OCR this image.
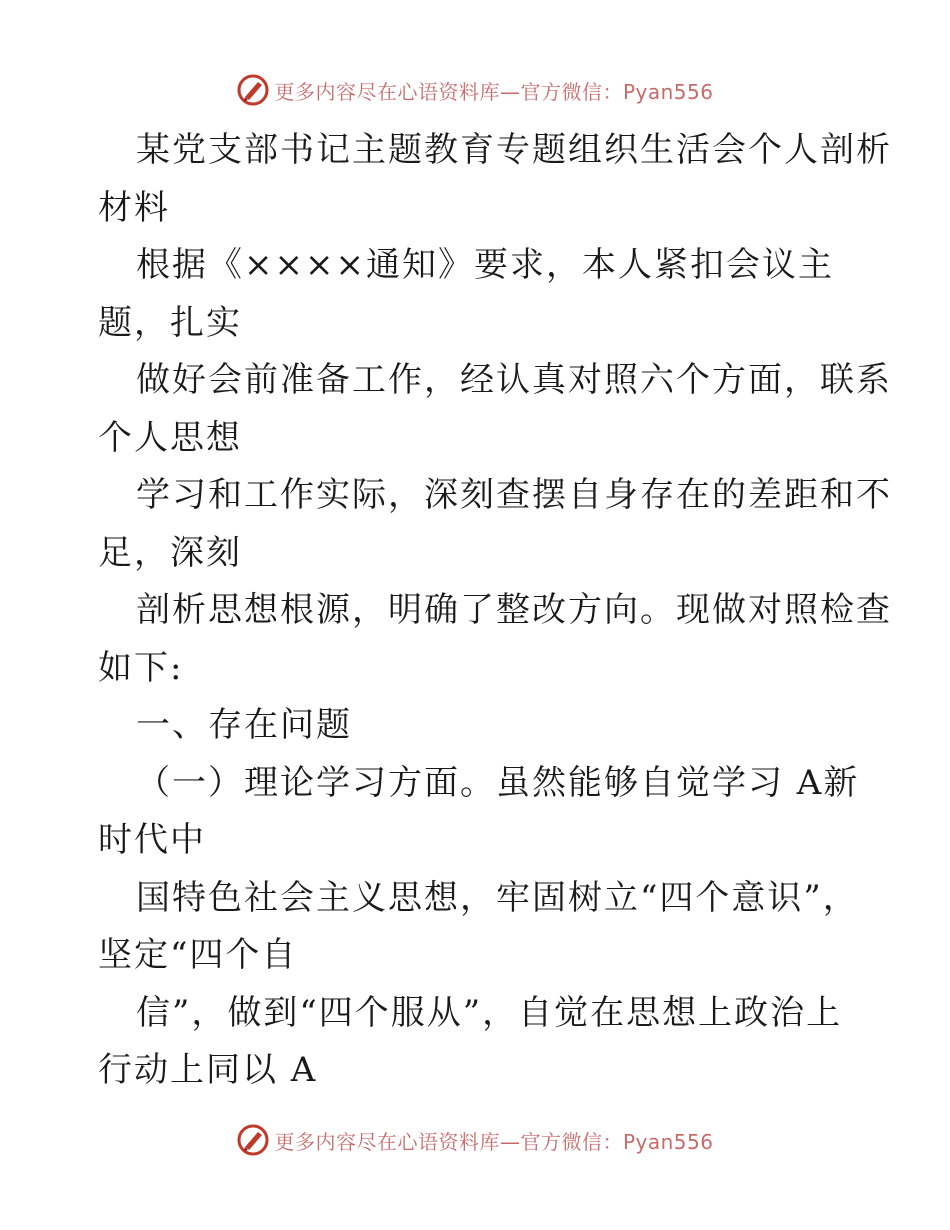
更多内容尽在心语资料库—官方微信：Pyan556
某党支部书记主题教育专题组织生活会个人剖析
材料
根据《××××通知》要求，本人紧扣会议主
题，扎实
做好会前准备工作，经认真对照六个方面，联系
个人思想
学习和工作实际，深刻查摆自身存在的差距和不
足，深刻
剖析思想根源，明确了整改方向。现做对照检查
如下:
一、存在问题
（一）理论学习方面。虽然能够自觉学习 A新
时代中
国特色社会主义思想，牢固树立“四个意识”，
坚定“四个自
信”，做到“四个服从”，自觉在思想上政治上
行动上同以 A
更多内容尽在心语资料库—官方微信：Pyan556
